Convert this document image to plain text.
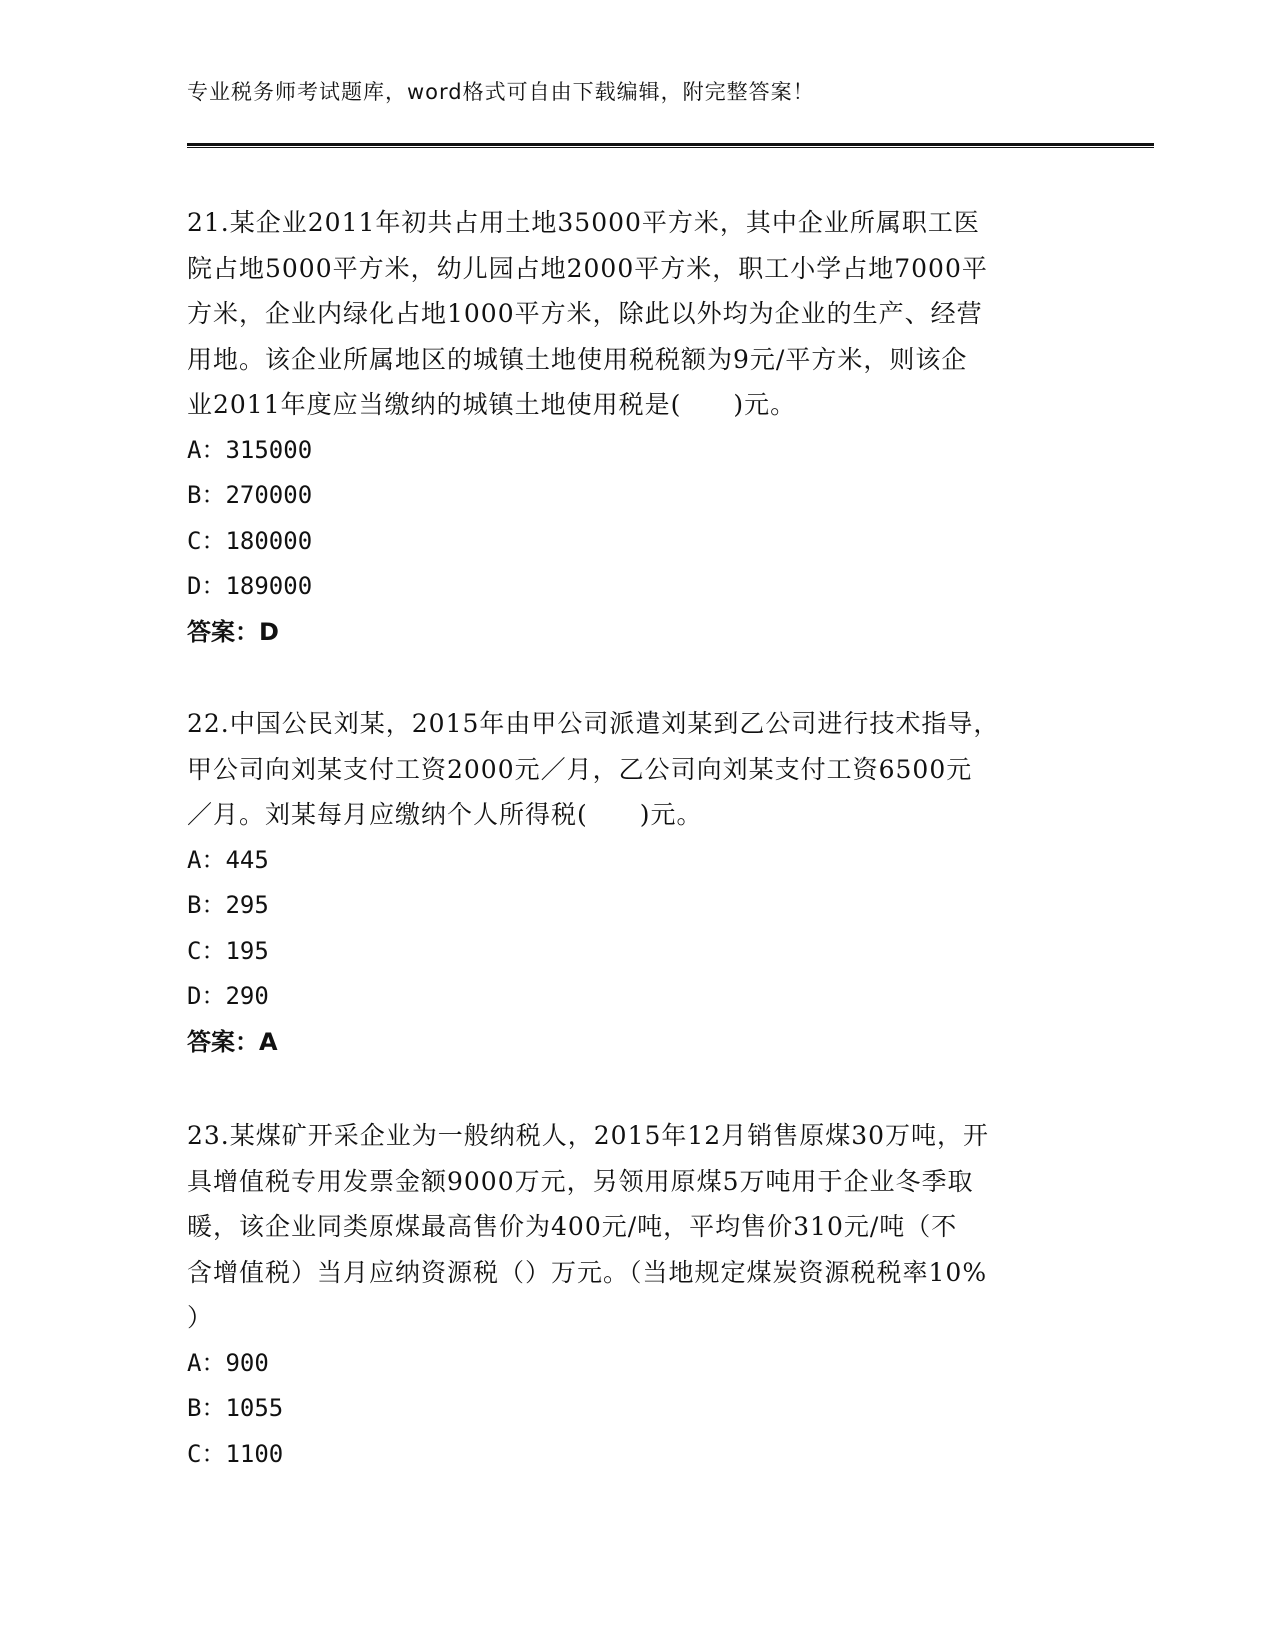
专业税务师考试题库，word格式可自由下载编辑，附完整答案！

21.某企业2011年初共占用土地35000平方米，其中企业所属职工医

院占地5000平方米，幼儿园占地2000平方米，职工小学占地7000平

方米，企业内绿化占地1000平方米，除此以外均为企业的生产、经营

用地。该企业所属地区的城镇土地使用税税额为9元/平方米，则该企

业2011年度应当缴纳的城镇土地使用税是(　　)元。

A：315000

B：270000

C：180000

D：189000

答案：D

22.中国公民刘某，2015年由甲公司派遣刘某到乙公司进行技术指导，

甲公司向刘某支付工资2000元／月，乙公司向刘某支付工资6500元

／月。刘某每月应缴纳个人所得税(　　)元。

A：445

B：295

C：195

D：290

答案：A

23.某煤矿开采企业为一般纳税人，2015年12月销售原煤30万吨，开

具增值税专用发票金额9000万元，另领用原煤5万吨用于企业冬季取

暖，该企业同类原煤最高售价为400元/吨，平均售价310元/吨（不

含增值税）当月应纳资源税（）万元。（当地规定煤炭资源税税率10%

）

A：900

B：1055

C：1100
